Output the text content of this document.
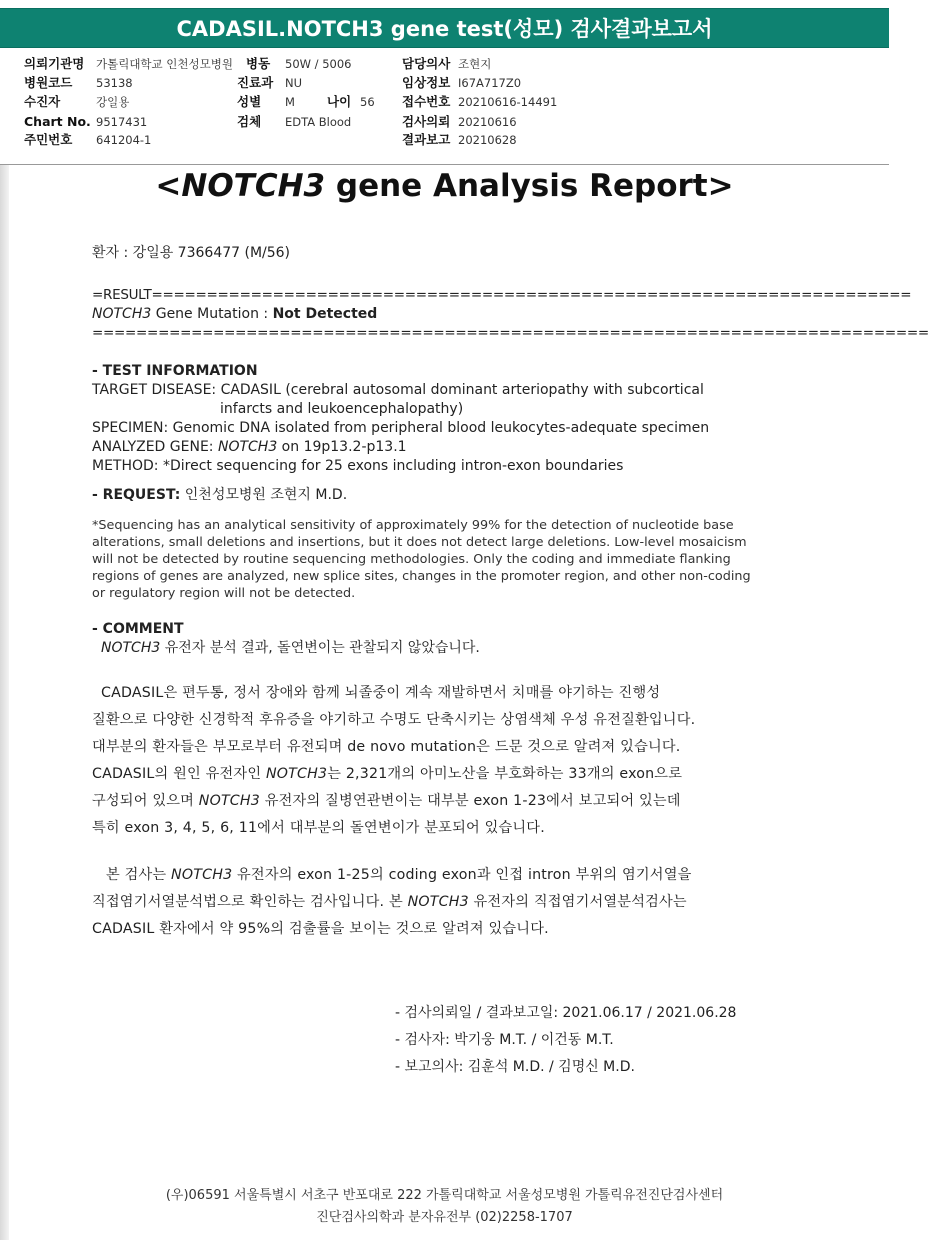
CADASIL.NOTCH3 gene test(성모) 검사결과보고서
의뢰기관명 가톨릭대학교 인천성모병원 병동 50W / 5006	담당의사 조현지
병원코드 53138	진료과 NU	임상정보 I67A717Z0
수진자	강일용	성별 M	나이 56 접수번호 20210616-14491
Chart No. 9517431	검체 EDTA Blood	검사의뢰 20210616
주민번호 641204-1	결과보고 20210628
<NOTCH3 gene Analysis Report>
환자 : 강일용 7366477 (M/56)
=RESULT=====================================================================
NOTCH3 Gene Mutation : Not Detected
============================================================================
- TEST INFORMATION
TARGET DISEASE: CADASIL (cerebral autosomal dominant arteriopathy with subcortical
infarcts and leukoencephalopathy)
SPECIMEN: Genomic DNA isolated from peripheral blood leukocytes-adequate specimen
ANALYZED GENE: NOTCH3 on 19p13.2-p13.1
METHOD: *Direct sequencing for 25 exons including intron-exon boundaries
- REQUEST: 인천성모병원 조현지 M.D.
*Sequencing has an analytical sensitivity of approximately 99% for the detection of nucleotide base
alterations, small deletions and insertions, but it does not detect large deletions. Low-level mosaicism
will not be detected by routine sequencing methodologies. Only the coding and immediate flanking
regions of genes are analyzed, new splice sites, changes in the promoter region, and other non-coding
or regulatory region will not be detected.
- COMMENT
NOTCH3 유전자 분석 결과, 돌연변이는 관찰되지 않았습니다.
CADASIL은 편두통, 정서 장애와 함께 뇌졸중이 계속 재발하면서 치매를 야기하는 진행성
질환으로 다양한 신경학적 후유증을 야기하고 수명도 단축시키는 상염색체 우성 유전질환입니다.
대부분의 환자들은 부모로부터 유전되며 de novo mutation은 드문 것으로 알려져 있습니다.
CADASIL의 원인 유전자인 NOTCH3는 2,321개의 아미노산을 부호화하는 33개의 exon으로
구성되어 있으며 NOTCH3 유전자의 질병연관변이는 대부분 exon 1-23에서 보고되어 있는데
특히 exon 3, 4, 5, 6, 11에서 대부분의 돌연변이가 분포되어 있습니다.
본 검사는 NOTCH3 유전자의 exon 1-25의 coding exon과 인접 intron 부위의 염기서열을
직접염기서열분석법으로 확인하는 검사입니다. 본 NOTCH3 유전자의 직접염기서열분석검사는
CADASIL 환자에서 약 95%의 검출률을 보이는 것으로 알려져 있습니다.
- 검사의뢰일 / 결과보고일: 2021.06.17 / 2021.06.28
- 검사자: 박기웅 M.T. / 이건동 M.T.
- 보고의사: 김훈석 M.D. / 김명신 M.D.
(우)06591 서울특별시 서초구 반포대로 222 가톨릭대학교 서울성모병원 가톨릭유전진단검사센터
진단검사의학과 분자유전부 (02)2258-1707
